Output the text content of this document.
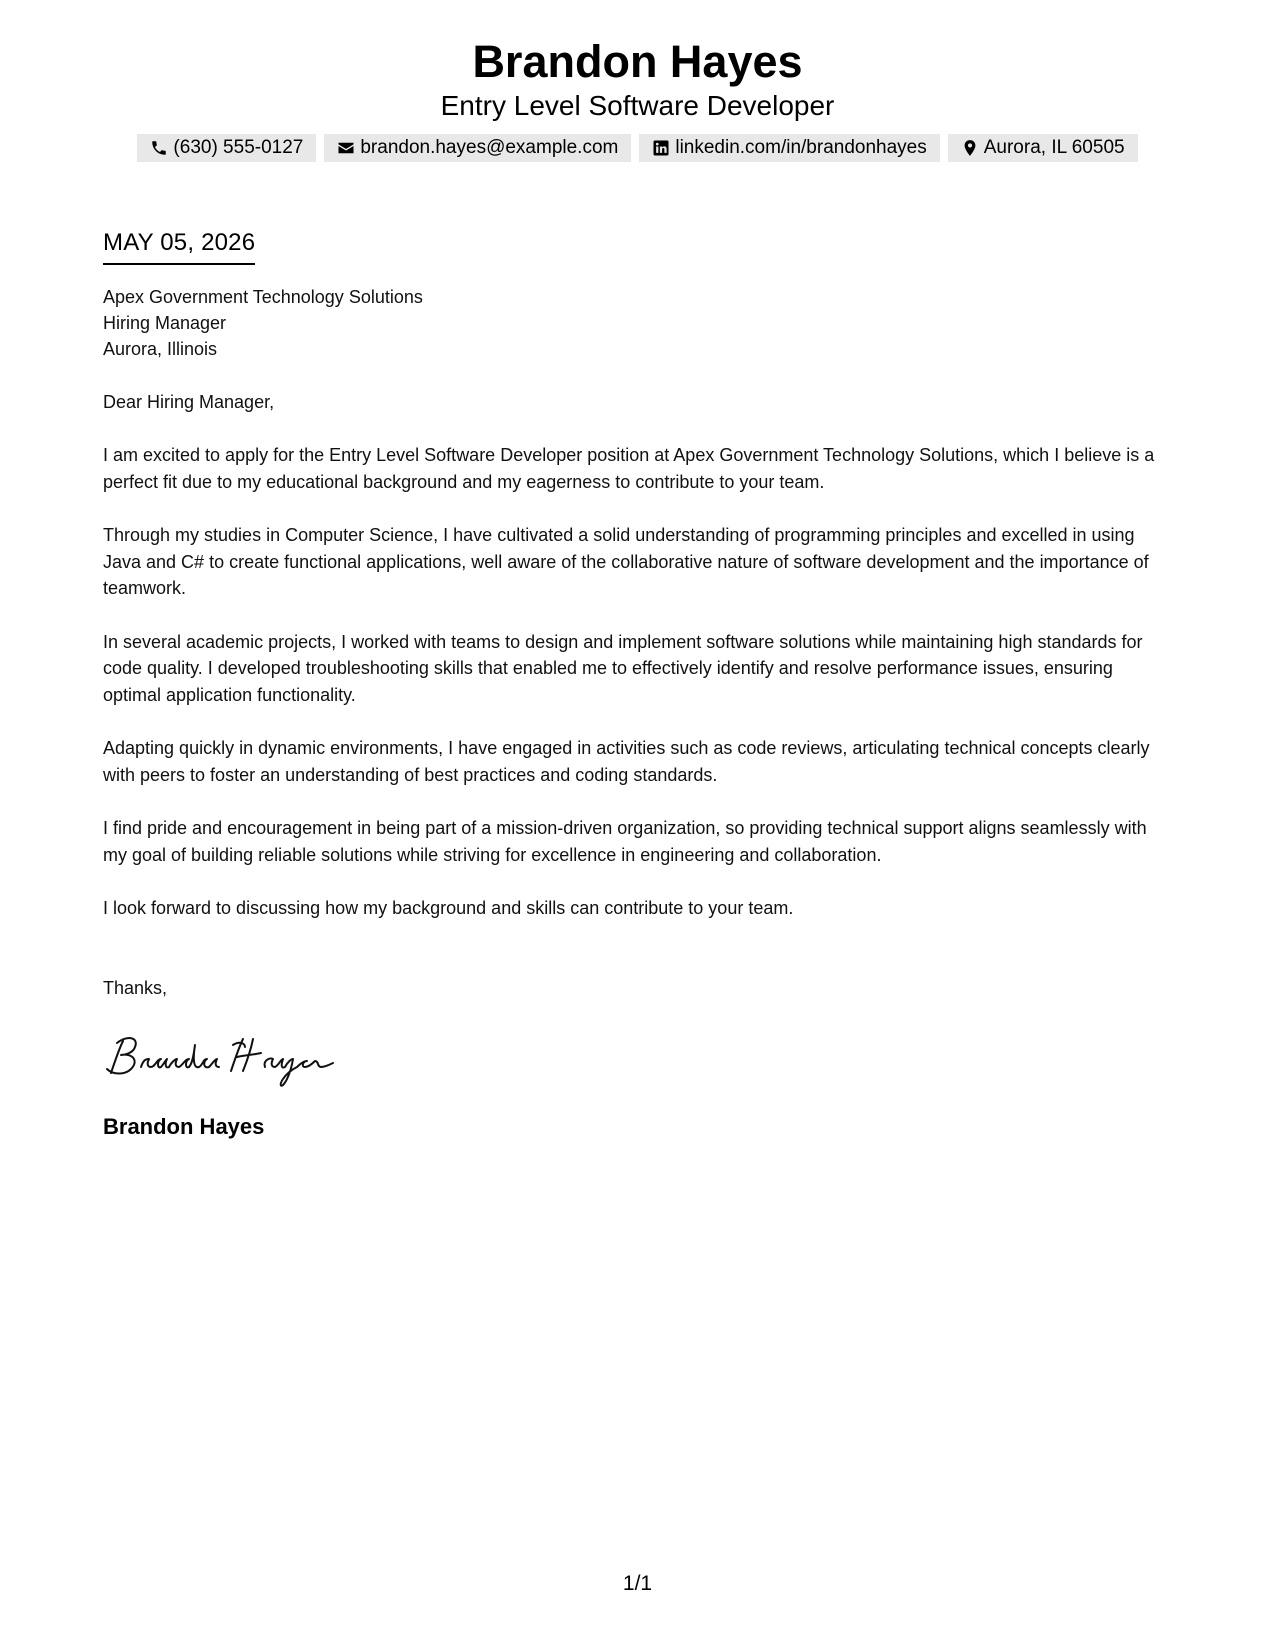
Brandon Hayes
Entry Level Software Developer
(630) 555-0127	brandon.hayes@example.com	linkedin.com/in/brandonhayes	Aurora, IL 60505
MAY 05, 2026
Apex Government Technology Solutions
Hiring Manager
Aurora, Illinois
Dear Hiring Manager,
I am excited to apply for the Entry Level Software Developer position at Apex Government Technology Solutions, which I believe is a perfect fit due to my educational background and my eagerness to contribute to your team.
Through my studies in Computer Science, I have cultivated a solid understanding of programming principles and excelled in using Java and C# to create functional applications, well aware of the collaborative nature of software development and the importance of teamwork.
In several academic projects, I worked with teams to design and implement software solutions while maintaining high standards for code quality. I developed troubleshooting skills that enabled me to effectively identify and resolve performance issues, ensuring optimal application functionality.
Adapting quickly in dynamic environments, I have engaged in activities such as code reviews, articulating technical concepts clearly with peers to foster an understanding of best practices and coding standards.
I find pride and encouragement in being part of a mission-driven organization, so providing technical support aligns seamlessly with my goal of building reliable solutions while striving for excellence in engineering and collaboration.
I look forward to discussing how my background and skills can contribute to your team.
Thanks,
Brandon Hayes
1/1
